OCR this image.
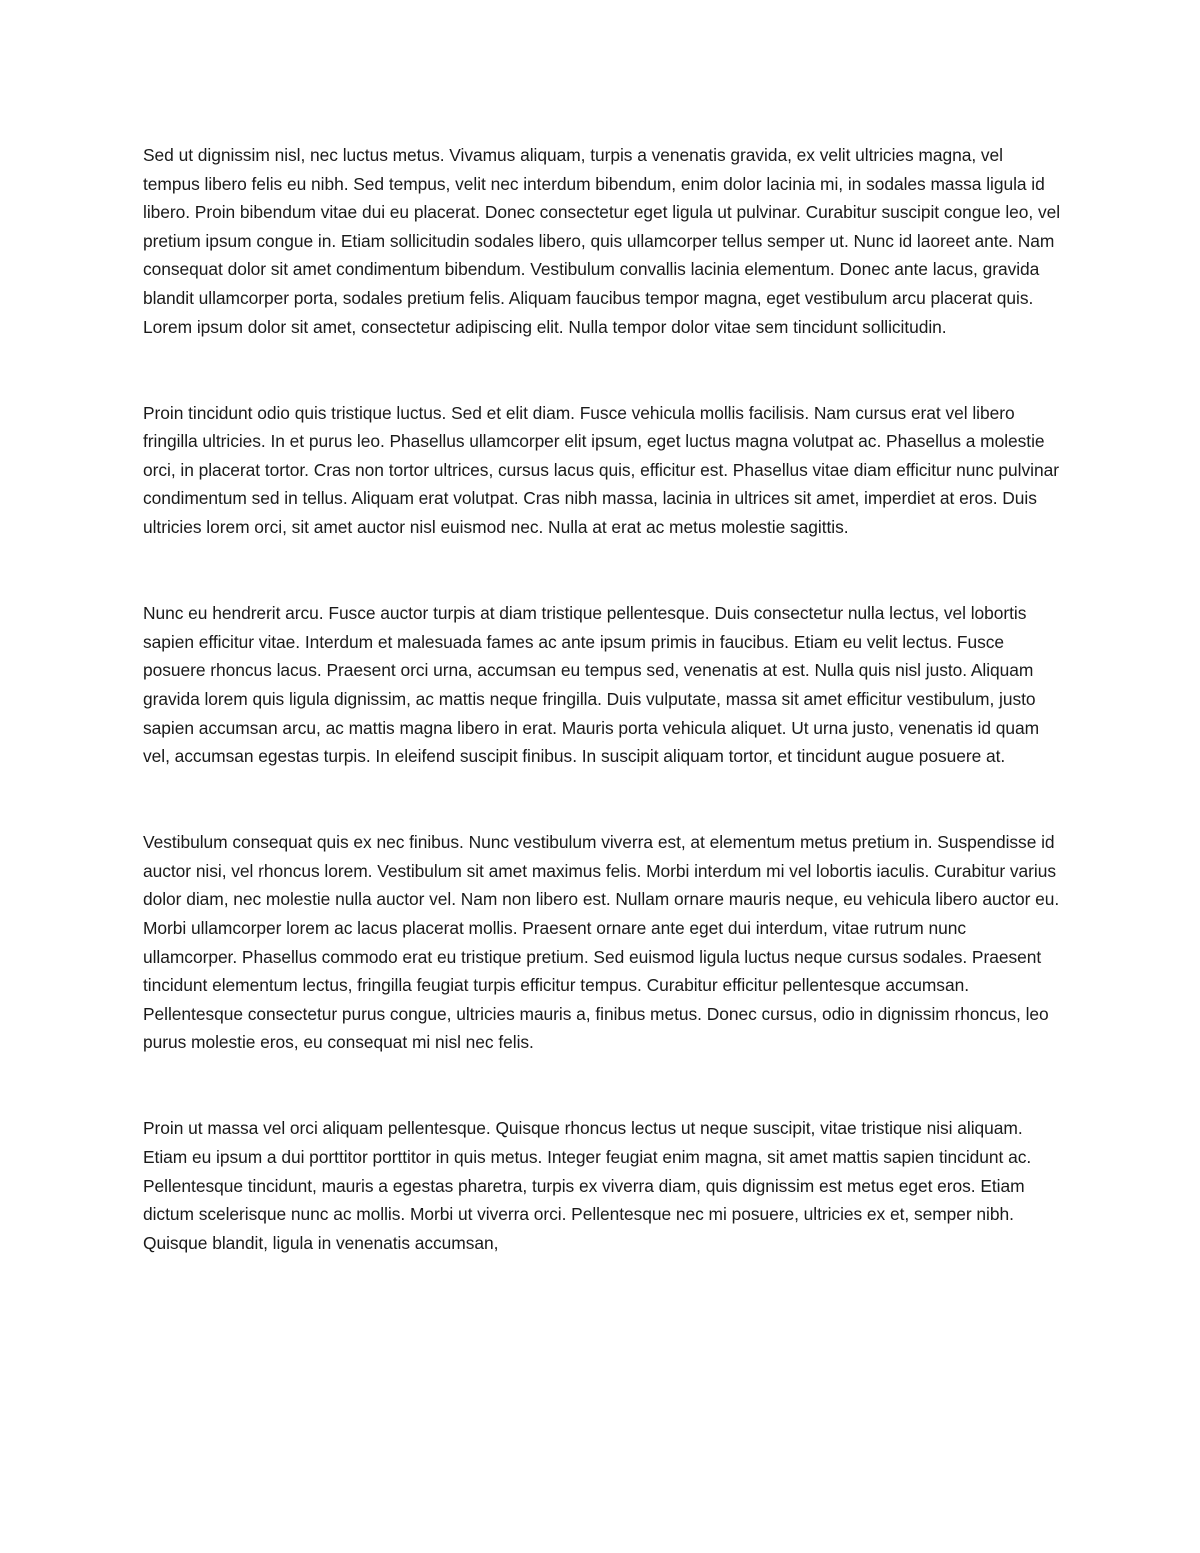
Sed ut dignissim nisl, nec luctus metus. Vivamus aliquam, turpis a venenatis gravida, ex velit ultricies magna, vel tempus libero felis eu nibh. Sed tempus, velit nec interdum bibendum, enim dolor lacinia mi, in sodales massa ligula id libero. Proin bibendum vitae dui eu placerat. Donec consectetur eget ligula ut pulvinar. Curabitur suscipit congue leo, vel pretium ipsum congue in. Etiam sollicitudin sodales libero, quis ullamcorper tellus semper ut. Nunc id laoreet ante. Nam consequat dolor sit amet condimentum bibendum. Vestibulum convallis lacinia elementum. Donec ante lacus, gravida blandit ullamcorper porta, sodales pretium felis. Aliquam faucibus tempor magna, eget vestibulum arcu placerat quis. Lorem ipsum dolor sit amet, consectetur adipiscing elit. Nulla tempor dolor vitae sem tincidunt sollicitudin.

Proin tincidunt odio quis tristique luctus. Sed et elit diam. Fusce vehicula mollis facilisis. Nam cursus erat vel libero fringilla ultricies. In et purus leo. Phasellus ullamcorper elit ipsum, eget luctus magna volutpat ac. Phasellus a molestie orci, in placerat tortor. Cras non tortor ultrices, cursus lacus quis, efficitur est. Phasellus vitae diam efficitur nunc pulvinar condimentum sed in tellus. Aliquam erat volutpat. Cras nibh massa, lacinia in ultrices sit amet, imperdiet at eros. Duis ultricies lorem orci, sit amet auctor nisl euismod nec. Nulla at erat ac metus molestie sagittis.

Nunc eu hendrerit arcu. Fusce auctor turpis at diam tristique pellentesque. Duis consectetur nulla lectus, vel lobortis sapien efficitur vitae. Interdum et malesuada fames ac ante ipsum primis in faucibus. Etiam eu velit lectus. Fusce posuere rhoncus lacus. Praesent orci urna, accumsan eu tempus sed, venenatis at est. Nulla quis nisl justo. Aliquam gravida lorem quis ligula dignissim, ac mattis neque fringilla. Duis vulputate, massa sit amet efficitur vestibulum, justo sapien accumsan arcu, ac mattis magna libero in erat. Mauris porta vehicula aliquet. Ut urna justo, venenatis id quam vel, accumsan egestas turpis. In eleifend suscipit finibus. In suscipit aliquam tortor, et tincidunt augue posuere at.

Vestibulum consequat quis ex nec finibus. Nunc vestibulum viverra est, at elementum metus pretium in. Suspendisse id auctor nisi, vel rhoncus lorem. Vestibulum sit amet maximus felis. Morbi interdum mi vel lobortis iaculis. Curabitur varius dolor diam, nec molestie nulla auctor vel. Nam non libero est. Nullam ornare mauris neque, eu vehicula libero auctor eu. Morbi ullamcorper lorem ac lacus placerat mollis. Praesent ornare ante eget dui interdum, vitae rutrum nunc ullamcorper. Phasellus commodo erat eu tristique pretium. Sed euismod ligula luctus neque cursus sodales. Praesent tincidunt elementum lectus, fringilla feugiat turpis efficitur tempus. Curabitur efficitur pellentesque accumsan. Pellentesque consectetur purus congue, ultricies mauris a, finibus metus. Donec cursus, odio in dignissim rhoncus, leo purus molestie eros, eu consequat mi nisl nec felis.

Proin ut massa vel orci aliquam pellentesque. Quisque rhoncus lectus ut neque suscipit, vitae tristique nisi aliquam. Etiam eu ipsum a dui porttitor porttitor in quis metus. Integer feugiat enim magna, sit amet mattis sapien tincidunt ac. Pellentesque tincidunt, mauris a egestas pharetra, turpis ex viverra diam, quis dignissim est metus eget eros. Etiam dictum scelerisque nunc ac mollis. Morbi ut viverra orci. Pellentesque nec mi posuere, ultricies ex et, semper nibh. Quisque blandit, ligula in venenatis accumsan,
